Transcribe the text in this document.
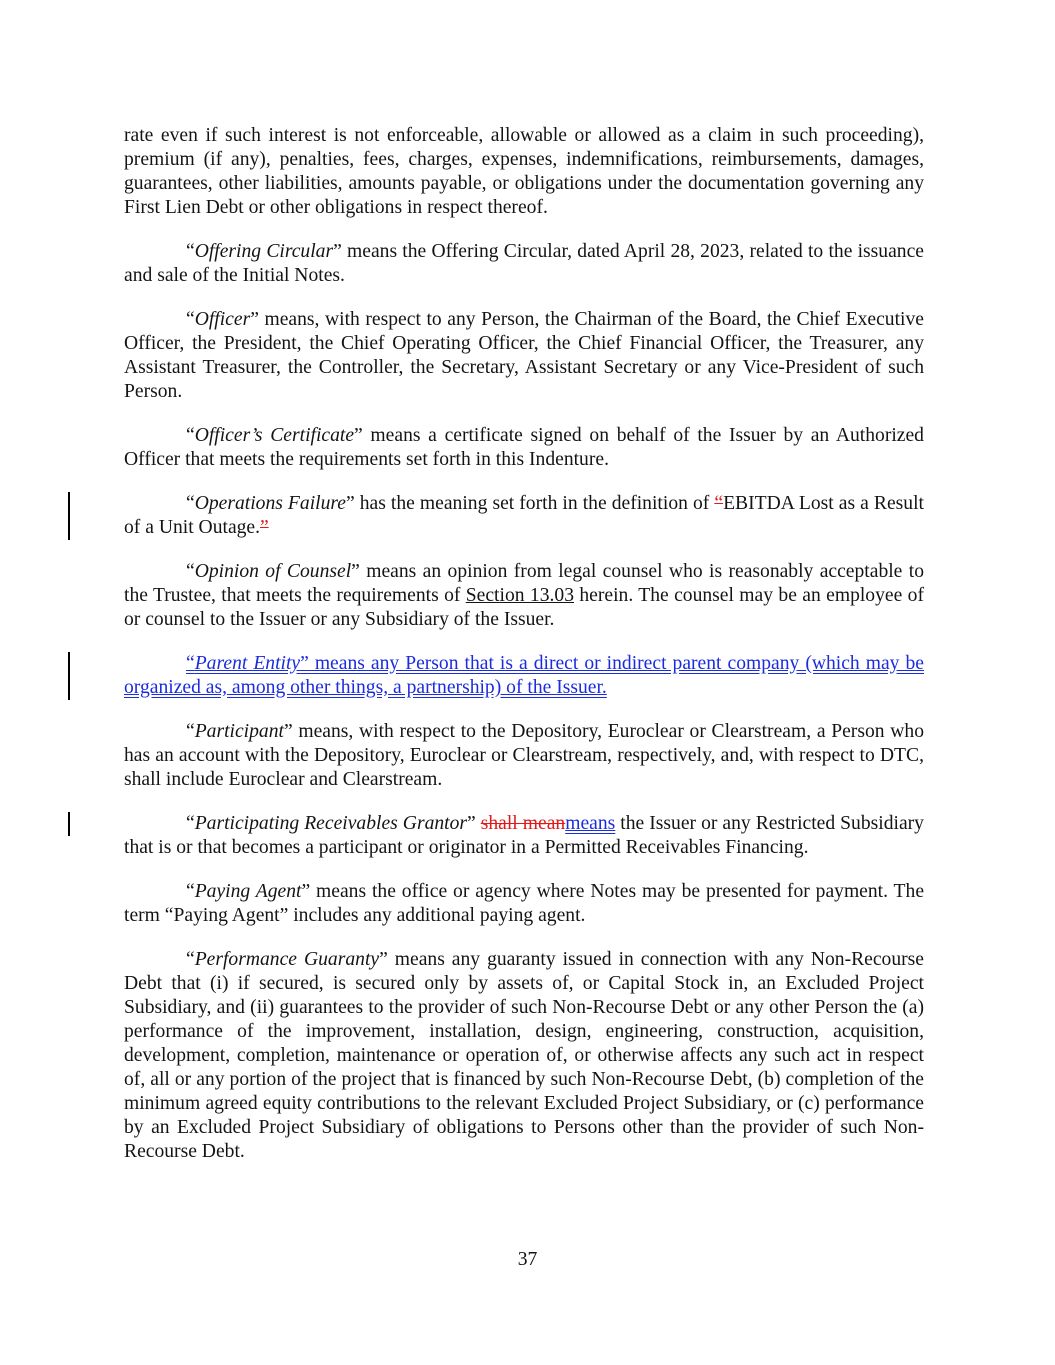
rate even if such interest is not enforceable, allowable or allowed as a claim in such proceeding), premium (if any), penalties, fees, charges, expenses, indemnifications, reimbursements, damages, guarantees, other liabilities, amounts payable, or obligations under the documentation governing any First Lien Debt or other obligations in respect thereof.

“Offering Circular” means the Offering Circular, dated April 28, 2023, related to the issuance and sale of the Initial Notes.

“Officer” means, with respect to any Person, the Chairman of the Board, the Chief Executive Officer, the President, the Chief Operating Officer, the Chief Financial Officer, the Treasurer, any Assistant Treasurer, the Controller, the Secretary, Assistant Secretary or any Vice-President of such Person.

“Officer’s Certificate” means a certificate signed on behalf of the Issuer by an Authorized Officer that meets the requirements set forth in this Indenture.

“Operations Failure” has the meaning set forth in the definition of “EBITDA Lost as a Result of a Unit Outage.”

“Opinion of Counsel” means an opinion from legal counsel who is reasonably acceptable to the Trustee, that meets the requirements of Section 13.03 herein. The counsel may be an employee of or counsel to the Issuer or any Subsidiary of the Issuer.

“Parent Entity” means any Person that is a direct or indirect parent company (which may be organized as, among other things, a partnership) of the Issuer.

“Participant” means, with respect to the Depository, Euroclear or Clearstream, a Person who has an account with the Depository, Euroclear or Clearstream, respectively, and, with respect to DTC, shall include Euroclear and Clearstream.

“Participating Receivables Grantor” shall meanmeans the Issuer or any Restricted Subsidiary that is or that becomes a participant or originator in a Permitted Receivables Financing.

“Paying Agent” means the office or agency where Notes may be presented for payment. The term “Paying Agent” includes any additional paying agent.

“Performance Guaranty” means any guaranty issued in connection with any Non-Recourse Debt that (i) if secured, is secured only by assets of, or Capital Stock in, an Excluded Project Subsidiary, and (ii) guarantees to the provider of such Non-Recourse Debt or any other Person the (a) performance of the improvement, installation, design, engineering, construction, acquisition, development, completion, maintenance or operation of, or otherwise affects any such act in respect of, all or any portion of the project that is financed by such Non-Recourse Debt, (b) completion of the minimum agreed equity contributions to the relevant Excluded Project Subsidiary, or (c) performance by an Excluded Project Subsidiary of obligations to Persons other than the provider of such Non-Recourse Debt.

37
